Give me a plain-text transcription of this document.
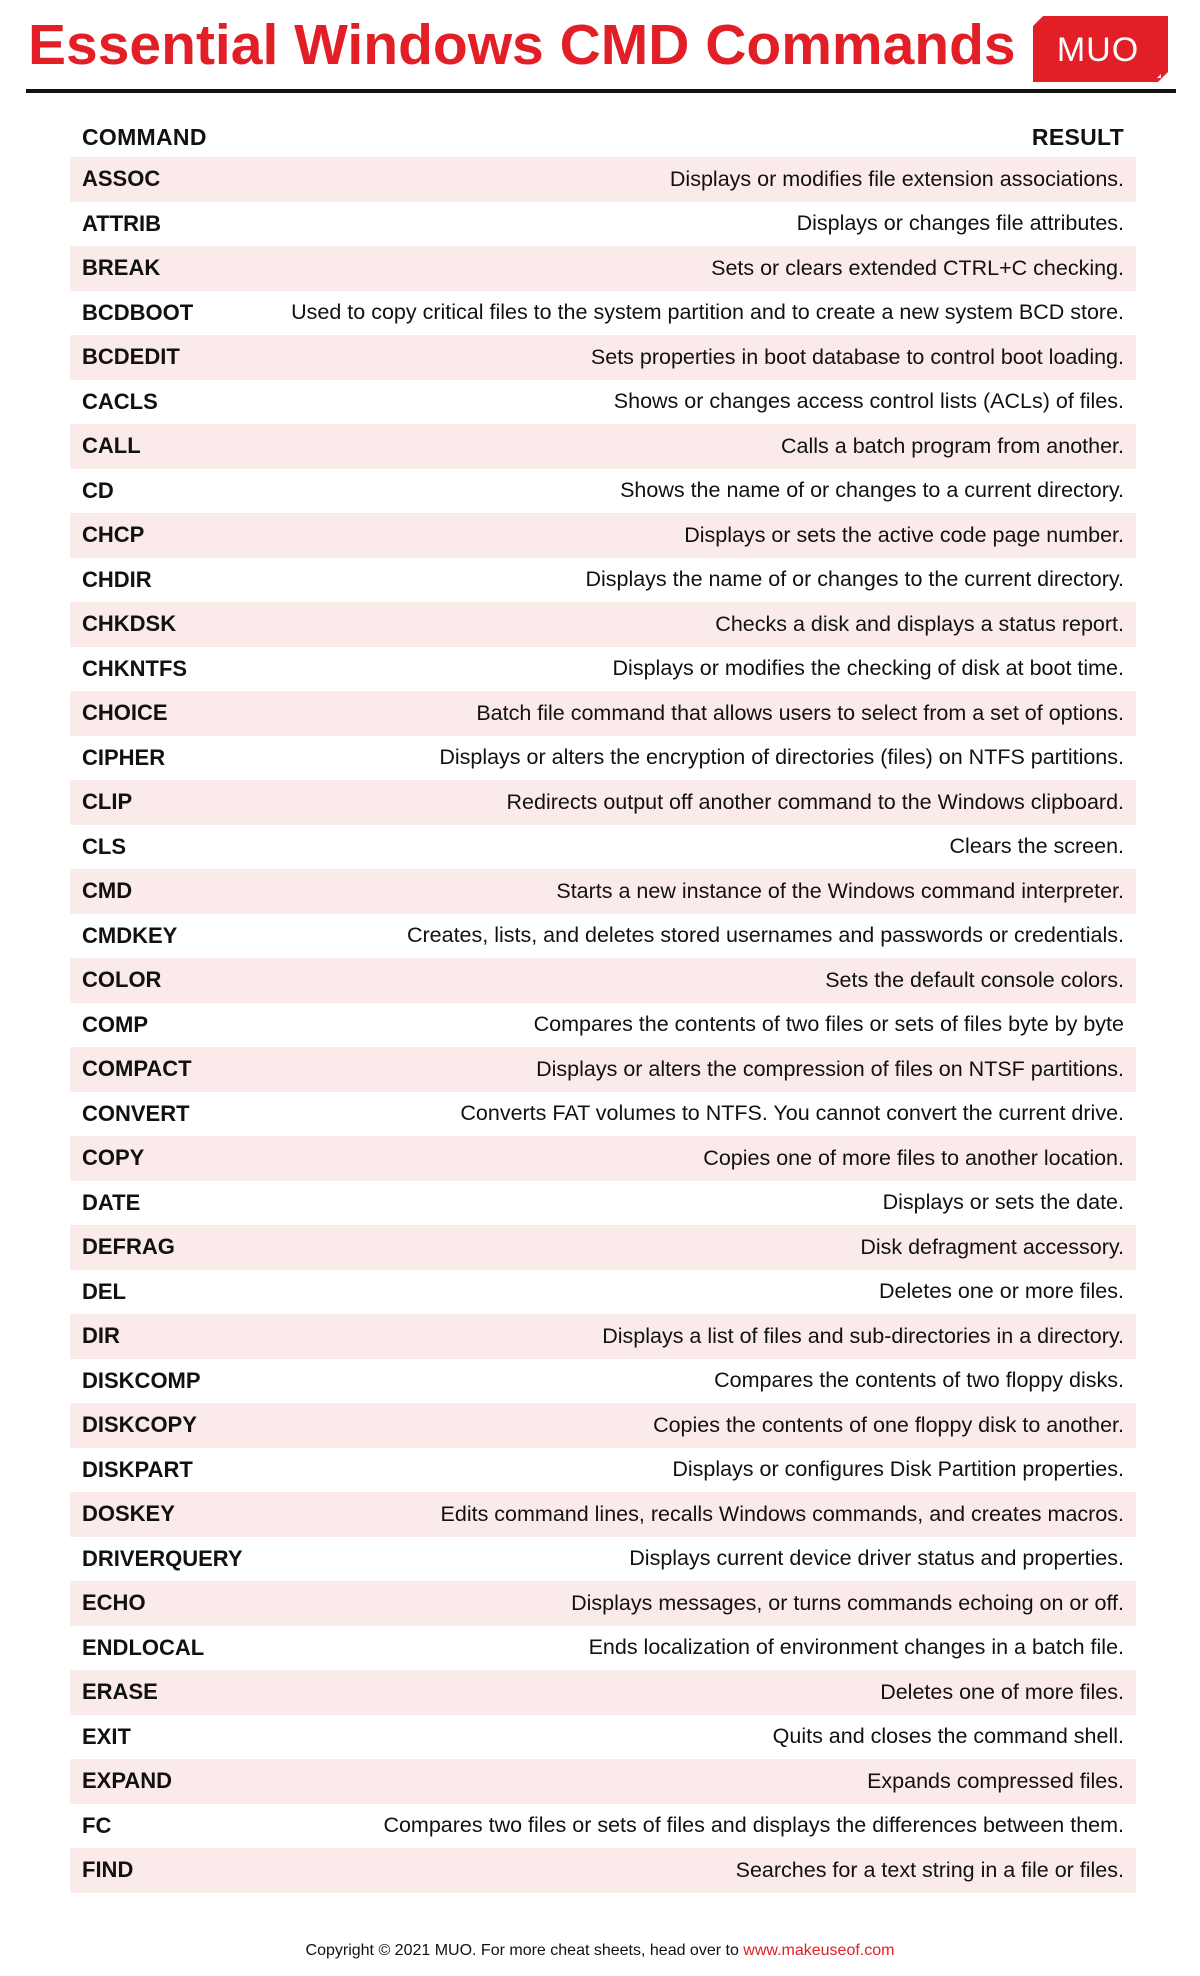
Essential Windows CMD Commands MUO
COMMAND	RESULT
ASSOC	Displays or modifies file extension associations.
ATTRIB	Displays or changes file attributes.
BREAK	Sets or clears extended CTRL+C checking.
BCDBOOT	Used to copy critical files to the system partition and to create a new system BCD store.
BCDEDIT	Sets properties in boot database to control boot loading.
CACLS	Shows or changes access control lists (ACLs) of files.
CALL	Calls a batch program from another.
CD	Shows the name of or changes to a current directory.
CHCP	Displays or sets the active code page number.
CHDIR	Displays the name of or changes to the current directory.
CHKDSK	Checks a disk and displays a status report.
CHKNTFS	Displays or modifies the checking of disk at boot time.
CHOICE	Batch file command that allows users to select from a set of options.
CIPHER	Displays or alters the encryption of directories (files) on NTFS partitions.
CLIP	Redirects output off another command to the Windows clipboard.
CLS	Clears the screen.
CMD	Starts a new instance of the Windows command interpreter.
CMDKEY	Creates, lists, and deletes stored usernames and passwords or credentials.
COLOR	Sets the default console colors.
COMP	Compares the contents of two files or sets of files byte by byte
COMPACT	Displays or alters the compression of files on NTSF partitions.
CONVERT	Converts FAT volumes to NTFS. You cannot convert the current drive.
COPY	Copies one of more files to another location.
DATE	Displays or sets the date.
DEFRAG	Disk defragment accessory.
DEL	Deletes one or more files.
DIR	Displays a list of files and sub-directories in a directory.
DISKCOMP	Compares the contents of two floppy disks.
DISKCOPY	Copies the contents of one floppy disk to another.
DISKPART	Displays or configures Disk Partition properties.
DOSKEY	Edits command lines, recalls Windows commands, and creates macros.
DRIVERQUERY	Displays current device driver status and properties.
ECHO	Displays messages, or turns commands echoing on or off.
ENDLOCAL	Ends localization of environment changes in a batch file.
ERASE	Deletes one of more files.
EXIT	Quits and closes the command shell.
EXPAND	Expands compressed files.
FC	Compares two files or sets of files and displays the differences between them.
FIND	Searches for a text string in a file or files.
Copyright © 2021 MUO. For more cheat sheets, head over to www.makeuseof.com
